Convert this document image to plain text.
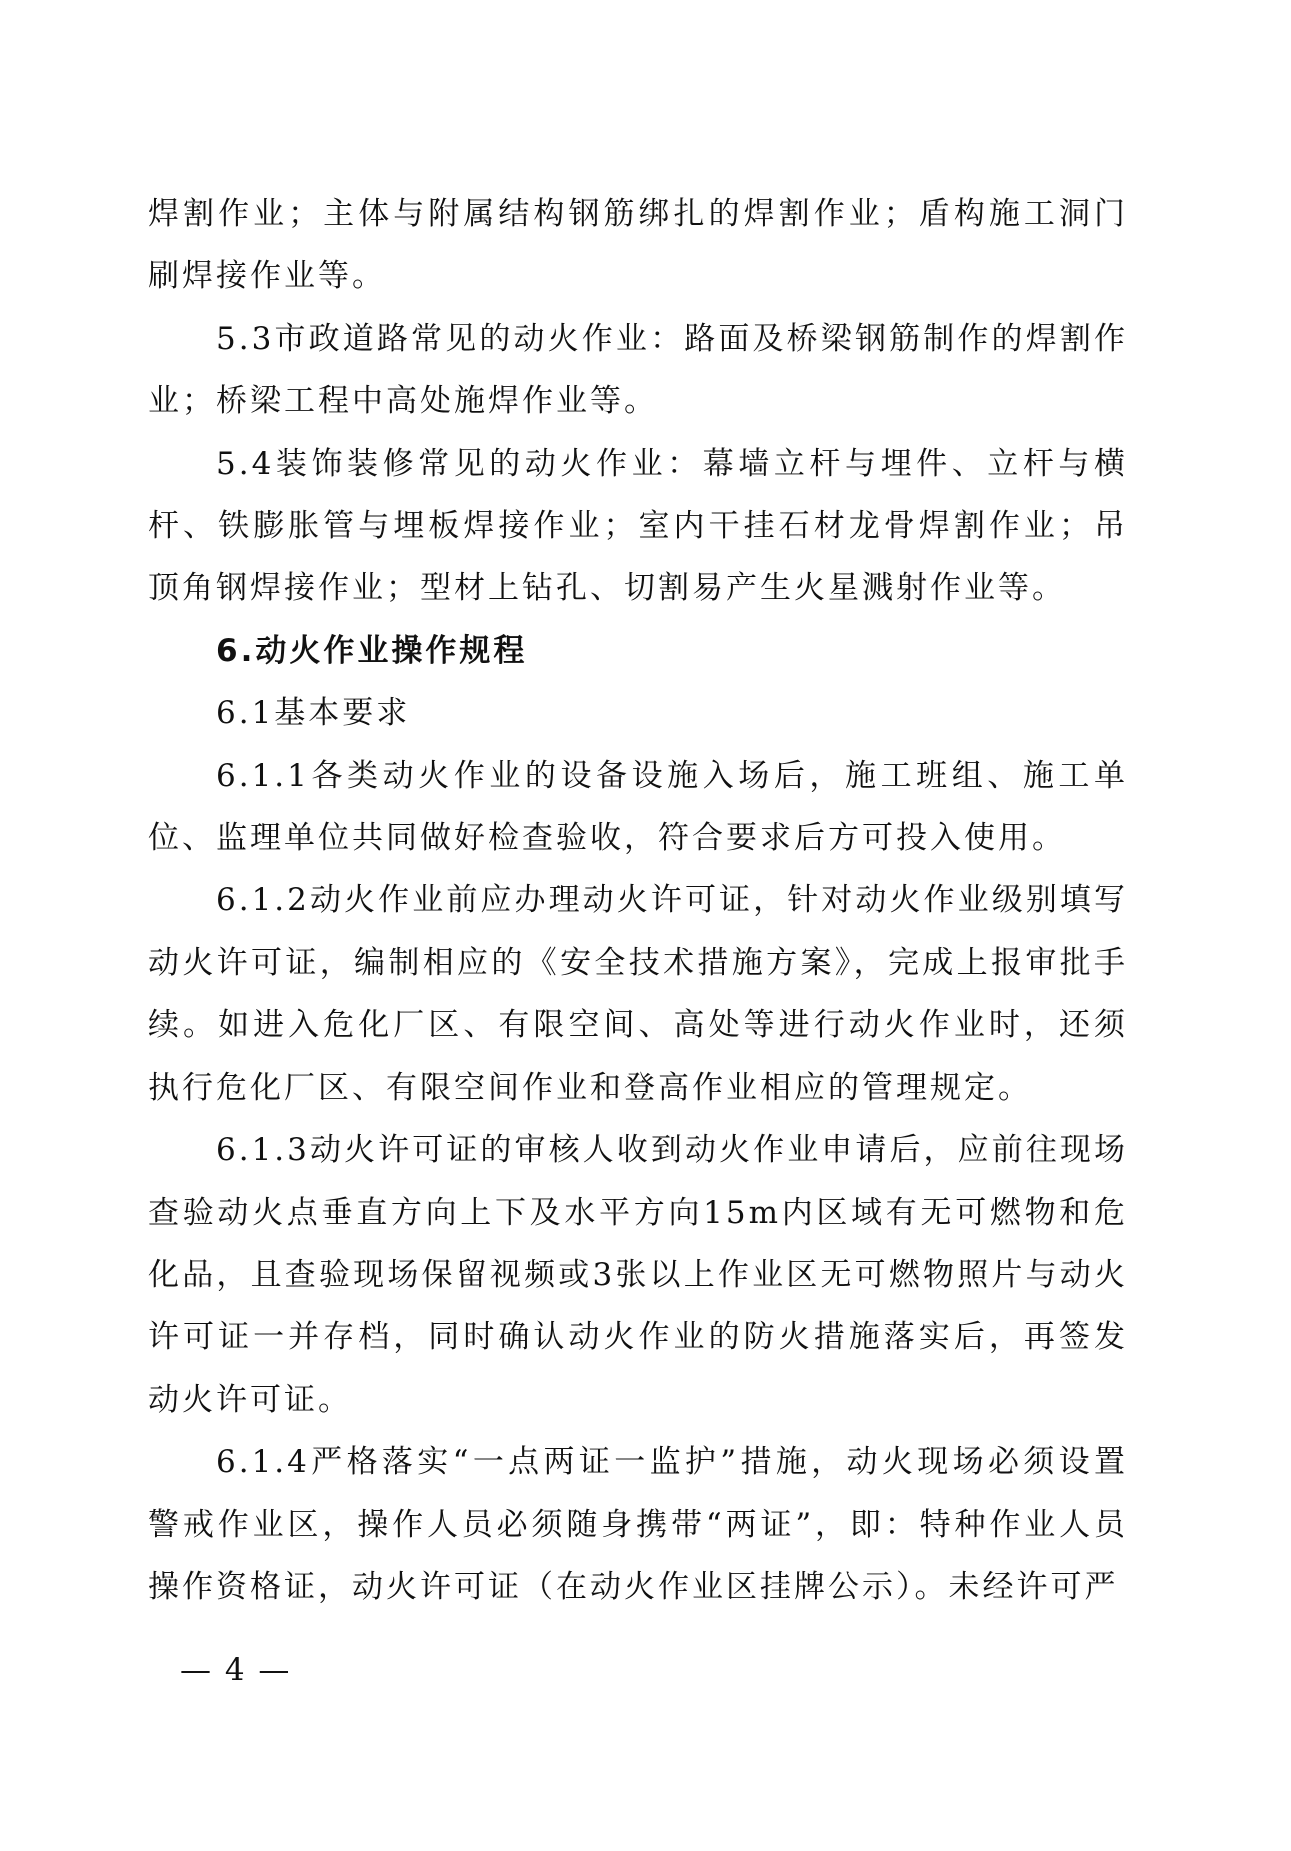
焊割作业；主体与附属结构钢筋绑扎的焊割作业；盾构施工洞门刷焊接作业等。

5.3市政道路常见的动火作业：路面及桥梁钢筋制作的焊割作业；桥梁工程中高处施焊作业等。

5.4装饰装修常见的动火作业：幕墙立杆与埋件、立杆与横杆、铁膨胀管与埋板焊接作业；室内干挂石材龙骨焊割作业；吊顶角钢焊接作业；型材上钻孔、切割易产生火星溅射作业等。

6.动火作业操作规程

6.1基本要求

6.1.1各类动火作业的设备设施入场后，施工班组、施工单位、监理单位共同做好检查验收，符合要求后方可投入使用。

6.1.2动火作业前应办理动火许可证，针对动火作业级别填写动火许可证，编制相应的《安全技术措施方案》，完成上报审批手续。如进入危化厂区、有限空间、高处等进行动火作业时，还须执行危化厂区、有限空间作业和登高作业相应的管理规定。

6.1.3动火许可证的审核人收到动火作业申请后，应前往现场查验动火点垂直方向上下及水平方向15m内区域有无可燃物和危化品，且查验现场保留视频或3张以上作业区无可燃物照片与动火许可证一并存档，同时确认动火作业的防火措施落实后，再签发动火许可证。

6.1.4严格落实“一点两证一监护”措施，动火现场必须设置警戒作业区，操作人员必须随身携带“两证”，即：特种作业人员操作资格证，动火许可证（在动火作业区挂牌公示）。未经许可严

— 4 —
